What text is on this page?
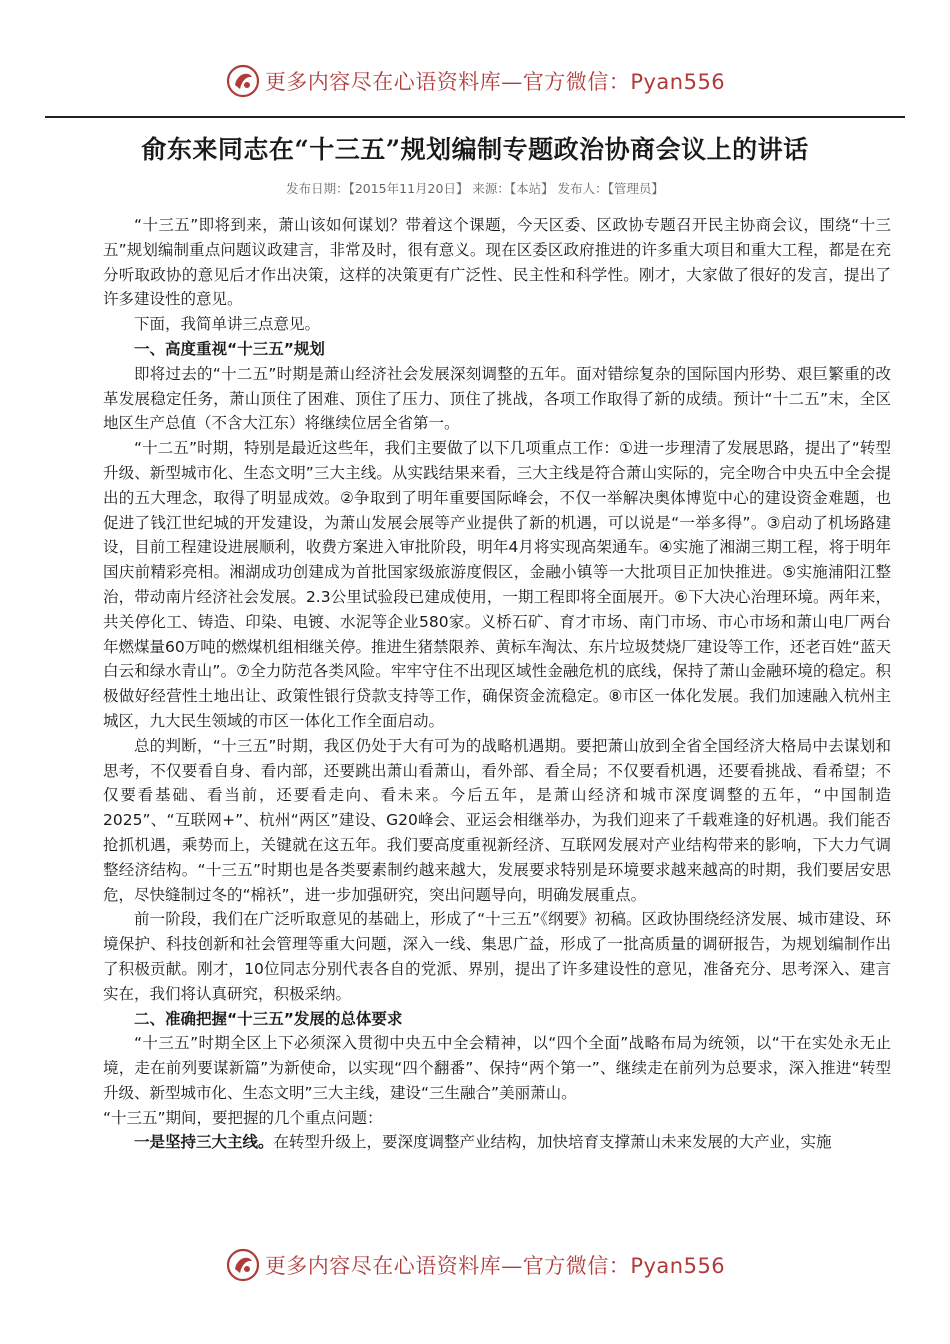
更多内容尽在心语资料库—官方微信：Pyan556
俞东来同志在“十三五”规划编制专题政治协商会议上的讲话
发布日期：【2015年11月20日】 来源：【本站】 发布人：【管理员】

“十三五”即将到来，萧山该如何谋划？带着这个课题，今天区委、区政协专题召开民主协商会议，围绕“十三五”规划编制重点问题议政建言，非常及时，很有意义。现在区委区政府推进的许多重大项目和重大工程，都是在充分听取政协的意见后才作出决策，这样的决策更有广泛性、民主性和科学性。刚才，大家做了很好的发言，提出了许多建设性的意见。

下面，我简单讲三点意见。

一、高度重视“十三五”规划

即将过去的“十二五”时期是萧山经济社会发展深刻调整的五年。面对错综复杂的国际国内形势、艰巨繁重的改革发展稳定任务，萧山顶住了困难、顶住了压力、顶住了挑战，各项工作取得了新的成绩。预计“十二五”末，全区地区生产总值（不含大江东）将继续位居全省第一。

“十二五”时期，特别是最近这些年，我们主要做了以下几项重点工作：①进一步理清了发展思路，提出了“转型升级、新型城市化、生态文明”三大主线。从实践结果来看，三大主线是符合萧山实际的，完全吻合中央五中全会提出的五大理念，取得了明显成效。②争取到了明年重要国际峰会，不仅一举解决奥体博览中心的建设资金难题，也促进了钱江世纪城的开发建设，为萧山发展会展等产业提供了新的机遇，可以说是“一举多得”。③启动了机场路建设，目前工程建设进展顺利，收费方案进入审批阶段，明年4月将实现高架通车。④实施了湘湖三期工程，将于明年国庆前精彩亮相。湘湖成功创建成为首批国家级旅游度假区，金融小镇等一大批项目正加快推进。⑤实施浦阳江整治，带动南片经济社会发展。2.3公里试验段已建成使用，一期工程即将全面展开。⑥下大决心治理环境。两年来，共关停化工、铸造、印染、电镀、水泥等企业580家。义桥石矿、育才市场、南门市场、市心市场和萧山电厂两台年燃煤量60万吨的燃煤机组相继关停。推进生猪禁限养、黄标车淘汰、东片垃圾焚烧厂建设等工作，还老百姓“蓝天白云和绿水青山”。⑦全力防范各类风险。牢牢守住不出现区域性金融危机的底线，保持了萧山金融环境的稳定。积极做好经营性土地出让、政策性银行贷款支持等工作，确保资金流稳定。⑧市区一体化发展。我们加速融入杭州主城区，九大民生领域的市区一体化工作全面启动。

总的判断，“十三五”时期，我区仍处于大有可为的战略机遇期。要把萧山放到全省全国经济大格局中去谋划和思考，不仅要看自身、看内部，还要跳出萧山看萧山，看外部、看全局；不仅要看机遇，还要看挑战、看希望；不仅要看基础、看当前，还要看走向、看未来。今后五年，是萧山经济和城市深度调整的五年，“中国制造2025”、“互联网+”、杭州“两区”建设、G20峰会、亚运会相继举办，为我们迎来了千载难逢的好机遇。我们能否抢抓机遇，乘势而上，关键就在这五年。我们要高度重视新经济、互联网发展对产业结构带来的影响，下大力气调整经济结构。“十三五”时期也是各类要素制约越来越大，发展要求特别是环境要求越来越高的时期，我们要居安思危，尽快缝制过冬的“棉袄”，进一步加强研究，突出问题导向，明确发展重点。

前一阶段，我们在广泛听取意见的基础上，形成了“十三五”《纲要》初稿。区政协围绕经济发展、城市建设、环境保护、科技创新和社会管理等重大问题，深入一线、集思广益，形成了一批高质量的调研报告，为规划编制作出了积极贡献。刚才，10位同志分别代表各自的党派、界别，提出了许多建设性的意见，准备充分、思考深入、建言实在，我们将认真研究，积极采纳。

二、准确把握“十三五”发展的总体要求

“十三五”时期全区上下必须深入贯彻中央五中全会精神，以“四个全面”战略布局为统领，以“干在实处永无止境，走在前列要谋新篇”为新使命，以实现“四个翻番”、保持“两个第一”、继续走在前列为总要求，深入推进“转型升级、新型城市化、生态文明”三大主线，建设“三生融合”美丽萧山。

“十三五”期间，要把握的几个重点问题：

一是坚持三大主线。在转型升级上，要深度调整产业结构，加快培育支撑萧山未来发展的大产业，实施

更多内容尽在心语资料库—官方微信：Pyan556
